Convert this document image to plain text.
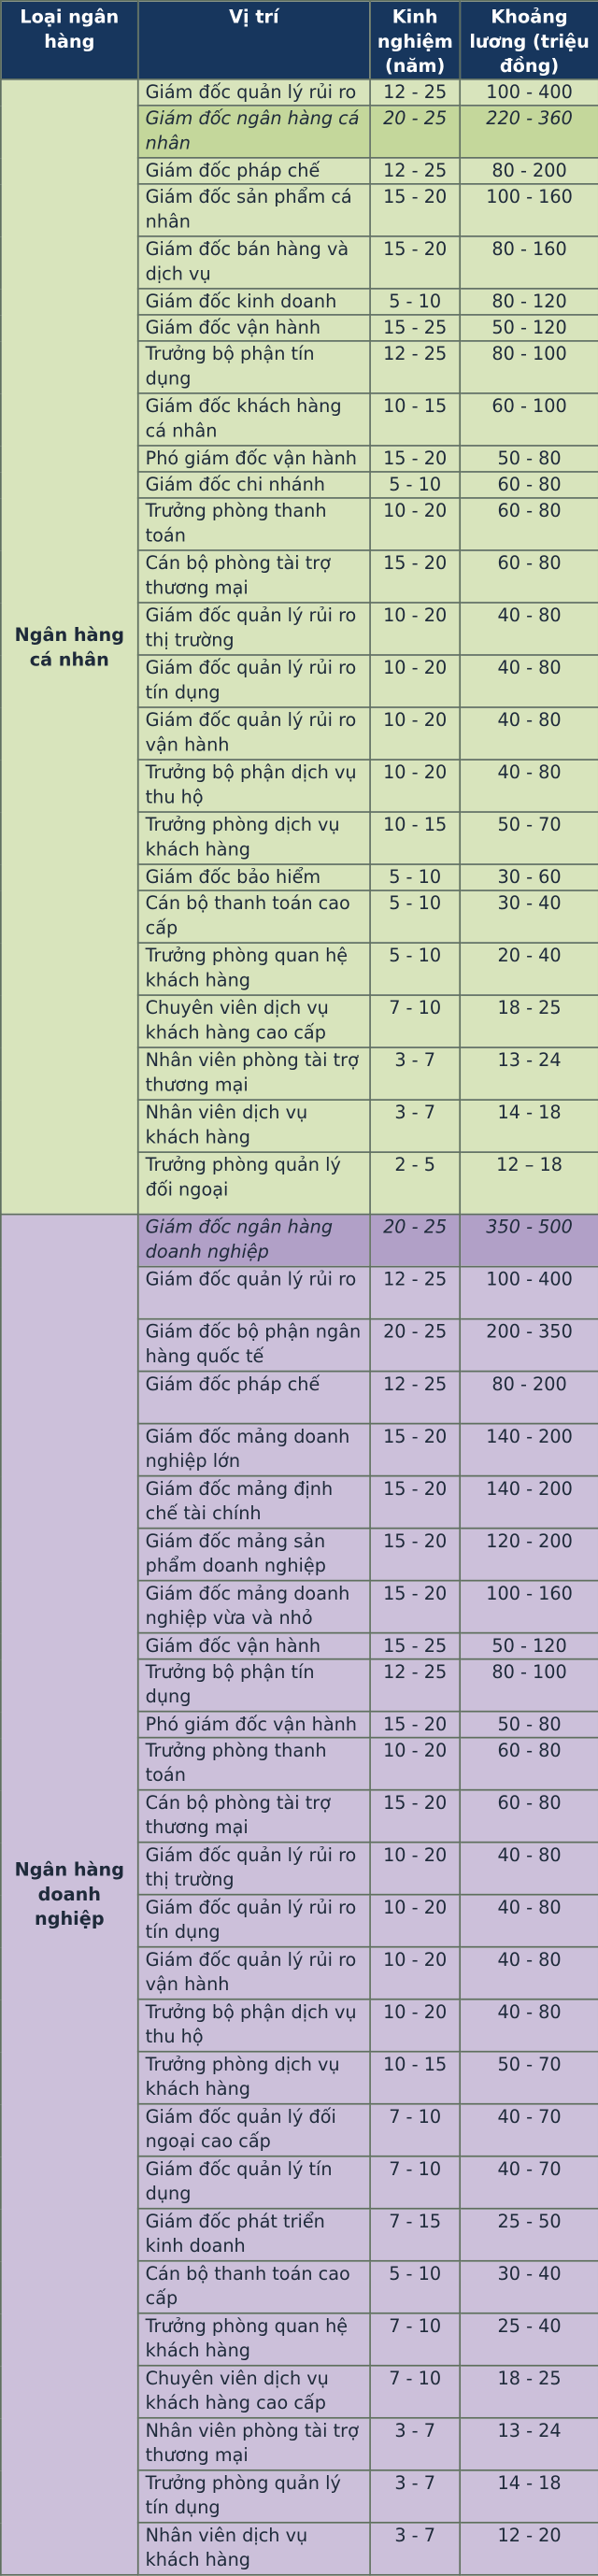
Loại ngân hàng	Vị trí	Kinh nghiệm (năm)	Khoảng lương (triệu đồng)
Ngân hàng cá nhân	Giám đốc quản lý rủi ro	12 - 25	100 - 400
	Giám đốc ngân hàng cá nhân	20 - 25	220 - 360
	Giám đốc pháp chế	12 - 25	80 - 200
	Giám đốc sản phẩm cá nhân	15 - 20	100 - 160
	Giám đốc bán hàng và dịch vụ	15 - 20	80 - 160
	Giám đốc kinh doanh	5 - 10	80 - 120
	Giám đốc vận hành	15 - 25	50 - 120
	Trưởng bộ phận tín dụng	12 - 25	80 - 100
	Giám đốc khách hàng cá nhân	10 - 15	60 - 100
	Phó giám đốc vận hành	15 - 20	50 - 80
	Giám đốc chi nhánh	5 - 10	60 - 80
	Trưởng phòng thanh toán	10 - 20	60 - 80
	Cán bộ phòng tài trợ thương mại	15 - 20	60 - 80
	Giám đốc quản lý rủi ro thị trường	10 - 20	40 - 80
	Giám đốc quản lý rủi ro tín dụng	10 - 20	40 - 80
	Giám đốc quản lý rủi ro vận hành	10 - 20	40 - 80
	Trưởng bộ phận dịch vụ thu hộ	10 - 20	40 - 80
	Trưởng phòng dịch vụ khách hàng	10 - 15	50 - 70
	Giám đốc bảo hiểm	5 - 10	30 - 60
	Cán bộ thanh toán cao cấp	5 - 10	30 - 40
	Trưởng phòng quan hệ khách hàng	5 - 10	20 - 40
	Chuyên viên dịch vụ khách hàng cao cấp	7 - 10	18 - 25
	Nhân viên phòng tài trợ thương mại	3 - 7	13 - 24
	Nhân viên dịch vụ khách hàng	3 - 7	14 - 18
	Trưởng phòng quản lý đối ngoại	2 - 5	12 – 18
Ngân hàng doanh nghiệp	Giám đốc ngân hàng doanh nghiệp	20 - 25	350 - 500
	Giám đốc quản lý rủi ro	12 - 25	100 - 400
	Giám đốc bộ phận ngân hàng quốc tế	20 - 25	200 - 350
	Giám đốc pháp chế	12 - 25	80 - 200
	Giám đốc mảng doanh nghiệp lớn	15 - 20	140 - 200
	Giám đốc mảng định chế tài chính	15 - 20	140 - 200
	Giám đốc mảng sản phẩm doanh nghiệp	15 - 20	120 - 200
	Giám đốc mảng doanh nghiệp vừa và nhỏ	15 - 20	100 - 160
	Giám đốc vận hành	15 - 25	50 - 120
	Trưởng bộ phận tín dụng	12 - 25	80 - 100
	Phó giám đốc vận hành	15 - 20	50 - 80
	Trưởng phòng thanh toán	10 - 20	60 - 80
	Cán bộ phòng tài trợ thương mại	15 - 20	60 - 80
	Giám đốc quản lý rủi ro thị trường	10 - 20	40 - 80
	Giám đốc quản lý rủi ro tín dụng	10 - 20	40 - 80
	Giám đốc quản lý rủi ro vận hành	10 - 20	40 - 80
	Trưởng bộ phận dịch vụ thu hộ	10 - 20	40 - 80
	Trưởng phòng dịch vụ khách hàng	10 - 15	50 - 70
	Giám đốc quản lý đối ngoại cao cấp	7 - 10	40 - 70
	Giám đốc quản lý tín dụng	7 - 10	40 - 70
	Giám đốc phát triển kinh doanh	7 - 15	25 - 50
	Cán bộ thanh toán cao cấp	5 - 10	30 - 40
	Trưởng phòng quan hệ khách hàng	7 - 10	25 - 40
	Chuyên viên dịch vụ khách hàng cao cấp	7 - 10	18 - 25
	Nhân viên phòng tài trợ thương mại	3 - 7	13 - 24
	Trưởng phòng quản lý tín dụng	3 - 7	14 - 18
	Nhân viên dịch vụ khách hàng	3 - 7	12 - 20
